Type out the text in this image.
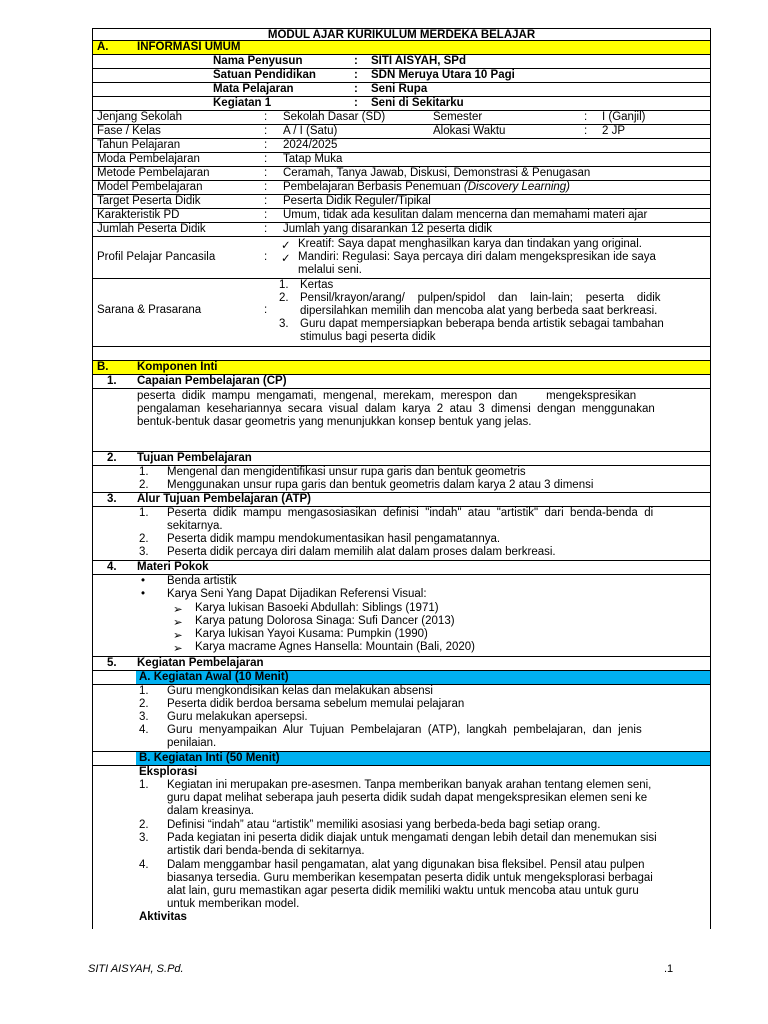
MODUL AJAR KURIKULUM MERDEKA BELAJAR
A. INFORMASI UMUM
Nama Penyusun	: SITI AISYAH, SPd
Satuan Pendidikan	: SDN Meruya Utara 10 Pagi
Mata Pelajaran	: Seni Rupa
Kegiatan 1	: Seni di Sekitarku
Jenjang Sekolah	: Sekolah Dasar (SD)	Semester	: I (Ganjil)
Fase / Kelas	: A / I (Satu)	Alokasi Waktu	: 2 JP
Tahun Pelajaran	: 2024/2025
Moda Pembelajaran	: Tatap Muka
Metode Pembelajaran	: Ceramah, Tanya Jawab, Diskusi, Demonstrasi & Penugasan
Model Pembelajaran	: Pembelajaran Berbasis Penemuan (Discovery Learning)
Target Peserta Didik	: Peserta Didik Reguler/Tipikal
Karakteristik PD	: Umum, tidak ada kesulitan dalam mencerna dan memahami materi ajar
Jumlah Peserta Didik	: Jumlah yang disarankan 12 peserta didik
Profil Pelajar Pancasila	:
✓ Kreatif: Saya dapat menghasilkan karya dan tindakan yang original.
✓ Mandiri: Regulasi: Saya percaya diri dalam mengekspresikan ide saya
melalui seni.
Sarana & Prasarana	:
1. Kertas
2. Pensil/krayon/arang/    pulpen/spidol    dan    lain-lain;    peserta    didik
dipersilahkan memilih dan mencoba alat yang berbeda saat berkreasi.
3. Guru dapat mempersiapkan beberapa benda artistik sebagai tambahan
stimulus bagi peserta didik
B. Komponen Inti
1. Capaian Pembelajaran (CP)
peserta  didik  mampu  mengamati,  mengenal,  merekam,  merespon  dan         mengekspresikan
pengalaman  kesehariannya  secara  visual  dalam  karya  2  atau  3  dimensi  dengan  menggunakan
bentuk-bentuk dasar geometris yang menunjukkan konsep bentuk yang jelas.
2. Tujuan Pembelajaran
1. Mengenal dan mengidentifikasi unsur rupa garis dan bentuk geometris
2. Menggunakan unsur rupa garis dan bentuk geometris dalam karya 2 atau 3 dimensi
3. Alur Tujuan Pembelajaran (ATP)
1. Peserta  didik  mampu  mengasosiasikan  definisi  "indah"  atau  "artistik"  dari  benda-benda  di
sekitarnya.
2. Peserta didik mampu mendokumentasikan hasil pengamatannya.
3. Peserta didik percaya diri dalam memilih alat dalam proses dalam berkreasi.
4. Materi Pokok
• Benda artistik
• Karya Seni Yang Dapat Dijadikan Referensi Visual:
➢ Karya lukisan Basoeki Abdullah: Siblings (1971)
➢ Karya patung Dolorosa Sinaga: Sufi Dancer (2013)
➢ Karya lukisan Yayoi Kusama: Pumpkin (1990)
➢ Karya macrame Agnes Hansella: Mountain (Bali, 2020)
5. Kegiatan Pembelajaran
A. Kegiatan Awal (10 Menit)
1. Guru mengkondisikan kelas dan melakukan absensi
2. Peserta didik berdoa bersama sebelum memulai pelajaran
3. Guru melakukan apersepsi.
4. Guru  menyampaikan  Alur  Tujuan  Pembelajaran  (ATP),  langkah  pembelajaran,  dan  jenis
penilaian.
B. Kegiatan Inti (50 Menit)
Eksplorasi
1. Kegiatan ini merupakan pre-asesmen. Tanpa memberikan banyak arahan tentang elemen seni,
guru dapat melihat seberapa jauh peserta didik sudah dapat mengekspresikan elemen seni ke
dalam kreasinya.
2. Definisi “indah” atau “artistik” memiliki asosiasi yang berbeda-beda bagi setiap orang.
3. Pada kegiatan ini peserta didik diajak untuk mengamati dengan lebih detail dan menemukan sisi
artistik dari benda-benda di sekitarnya.
4. Dalam menggambar hasil pengamatan, alat yang digunakan bisa fleksibel. Pensil atau pulpen
biasanya tersedia. Guru memberikan kesempatan peserta didik untuk mengeksplorasi berbagai
alat lain, guru memastikan agar peserta didik memiliki waktu untuk mencoba atau untuk guru
untuk memberikan model.
Aktivitas
SITI AISYAH, S.Pd.	.1
